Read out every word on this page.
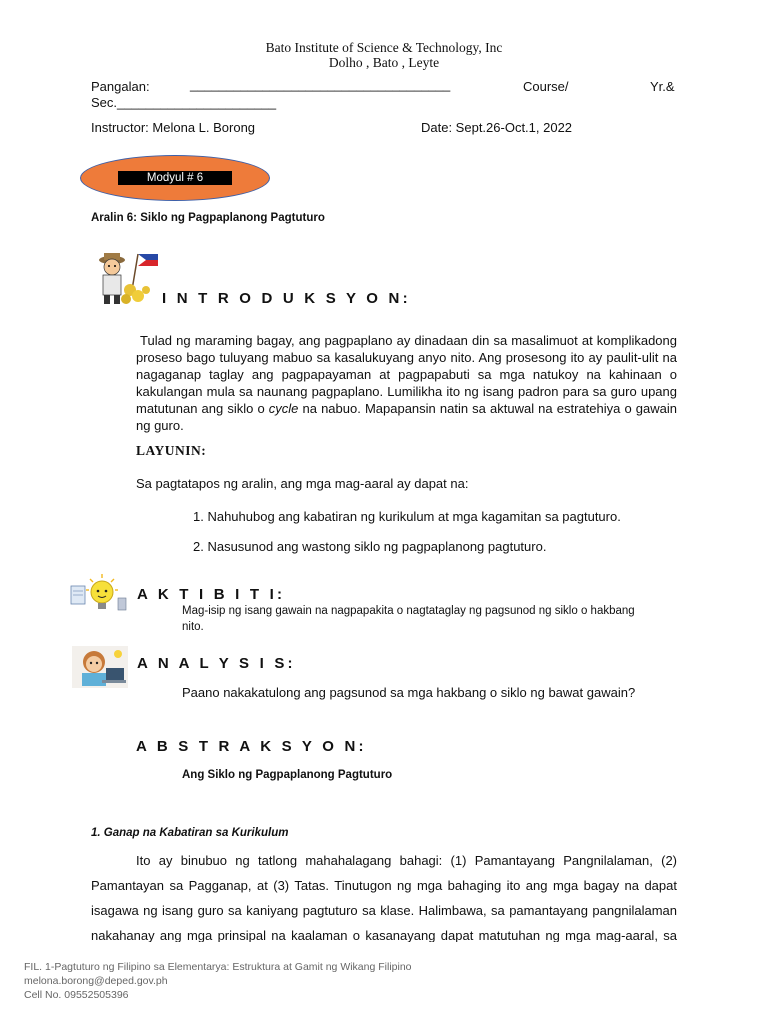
Bato Institute of Science & Technology, Inc
Dolho , Bato , Leyte
Pangalan:	____________________________________	Course/	Yr.&
Sec.______________________
Instructor: Melona L. Borong	Date: Sept.26-Oct.1, 2022
Modyul # 6
Aralin 6: Siklo ng Pagpaplanong Pagtuturo
I N T R O D U K S Y O N:
Tulad ng maraming bagay, ang pagpaplano ay dinadaan din sa masalimuot at komplikadong proseso bago tuluyang mabuo sa kasalukuyang anyo nito. Ang prosesong ito ay paulit-ulit na nagaganap taglay ang pagpapayaman at pagpapabuti sa mga natukoy na kahinaan o kakulangan mula sa naunang pagpaplano. Lumilikha ito ng isang padron para sa guro upang matutunan ang siklo o cycle na nabuo. Mapapansin natin sa aktuwal na estratehiya o gawain ng guro.
LAYUNIN:
Sa pagtatapos ng aralin, ang mga mag-aaral ay dapat na:
1. Nahuhubog ang kabatiran ng kurikulum at mga kagamitan sa pagtuturo.
2. Nasusunod ang wastong siklo ng pagpaplanong pagtuturo.
A K T I B I T I:
Mag-isip ng isang gawain na nagpapakita o nagtataglay ng pagsunod ng siklo o hakbang
nito.
A N A L Y S I S:
Paano nakakatulong ang pagsunod sa mga hakbang o siklo ng bawat gawain?
A B S T R A K S Y O N:
Ang Siklo ng Pagpaplanong Pagtuturo
1. Ganap na Kabatiran sa Kurikulum
Ito ay binubuo ng tatlong mahahalagang bahagi: (1) Pamantayang Pangnilalaman, (2) Pamantayan sa Pagganap, at (3) Tatas. Tinutugon ng mga bahaging ito ang mga bagay na dapat isagawa ng isang guro sa kaniyang pagtuturo sa klase. Halimbawa, sa pamantayang pangnilalaman nakahanay ang mga prinsipal na kaalaman o kasanayang dapat matutuhan ng mga mag-aaral, sa
FIL. 1-Pagtuturo ng Filipino sa Elementarya: Estruktura at Gamit ng Wikang Filipino
melona.borong@deped.gov.ph
Cell No. 09552505396
